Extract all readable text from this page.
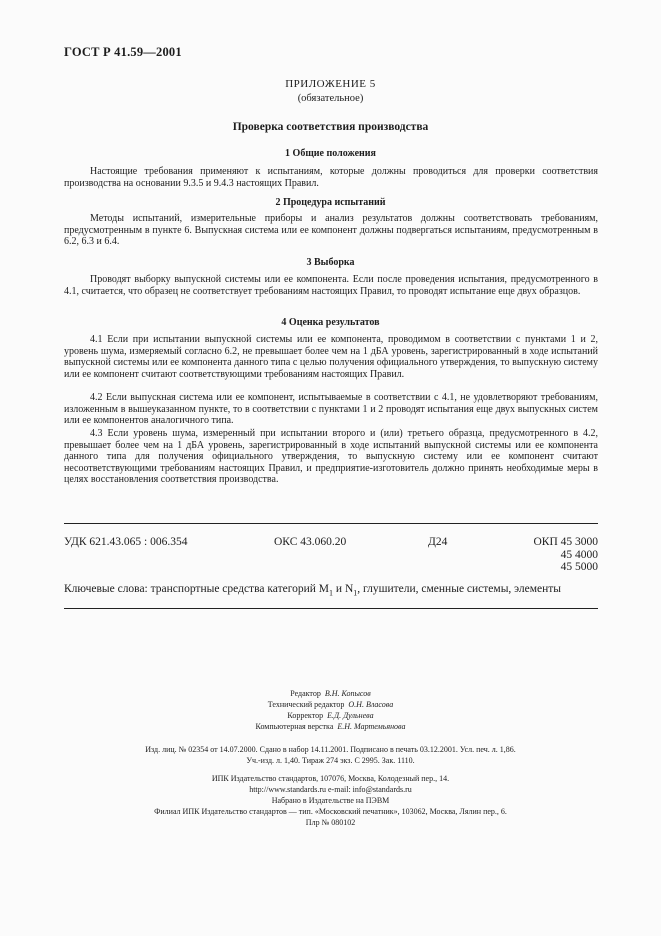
ГОСТ Р 41.59—2001
ПРИЛОЖЕНИЕ 5
(обязательное)
Проверка соответствия производства
1 Общие положения
Настоящие требования применяют к испытаниям, которые должны проводиться для проверки соответствия производства на основании 9.3.5 и 9.4.3 настоящих Правил.
2 Процедура испытаний
Методы испытаний, измерительные приборы и анализ результатов должны соответствовать требованиям, предусмотренным в пункте 6. Выпускная система или ее компонент должны подвергаться испытаниям, предусмотренным в 6.2, 6.3 и 6.4.
3 Выборка
Проводят выборку выпускной системы или ее компонента. Если после проведения испытания, предусмотренного в 4.1, считается, что образец не соответствует требованиям настоящих Правил, то проводят испытание еще двух образцов.
4 Оценка результатов
4.1 Если при испытании выпускной системы или ее компонента, проводимом в соответствии с пунктами 1 и 2, уровень шума, измеряемый согласно 6.2, не превышает более чем на 1 дБА уровень, зарегистрированный в ходе испытаний выпускной системы или ее компонента данного типа с целью получения официального утверждения, то выпускную систему или ее компонент считают соответствующими требованиям настоящих Правил.
4.2 Если выпускная система или ее компонент, испытываемые в соответствии с 4.1, не удовлетворяют требованиям, изложенным в вышеуказанном пункте, то в соответствии с пунктами 1 и 2 проводят испытания еще двух выпускных систем или ее компонентов аналогичного типа.
4.3 Если уровень шума, измеренный при испытании второго и (или) третьего образца, предусмотренного в 4.2, превышает более чем на 1 дБА уровень, зарегистрированный в ходе испытаний выпускной системы или ее компонента данного типа для получения официального утверждения, то выпускную систему или ее компонент считают несоответствующими требованиям настоящих Правил, и предприятие-изготовитель должно принять необходимые меры в целях восстановления соответствия производства.
УДК 621.43.065 : 006.354	ОКС 43.060.20	Д24	ОКП 45 3000
45 4000
45 5000
Ключевые слова: транспортные средства категорий $М_1$ и $N_1$, глушители, сменные системы, элементы
Редактор В.Н. Копысов
Технический редактор О.Н. Власова
Корректор Е.Д. Дульнева
Компьютерная верстка Е.Н. Мартемьянова
Изд. лиц. № 02354 от 14.07.2000. Сдано в набор 14.11.2001. Подписано в печать 03.12.2001. Усл. печ. л. 1,86.
Уч.-изд. л. 1,40. Тираж 274 экз. С 2995. Зак. 1110.
ИПК Издательство стандартов, 107076, Москва, Колодезный пер., 14.
http://www.standards.ru e-mail: info@standards.ru
Набрано в Издательстве на ПЭВМ
Филиал ИПК Издательство стандартов — тип. «Московский печатник», 103062, Москва, Лялин пер., 6.
Плр № 080102
